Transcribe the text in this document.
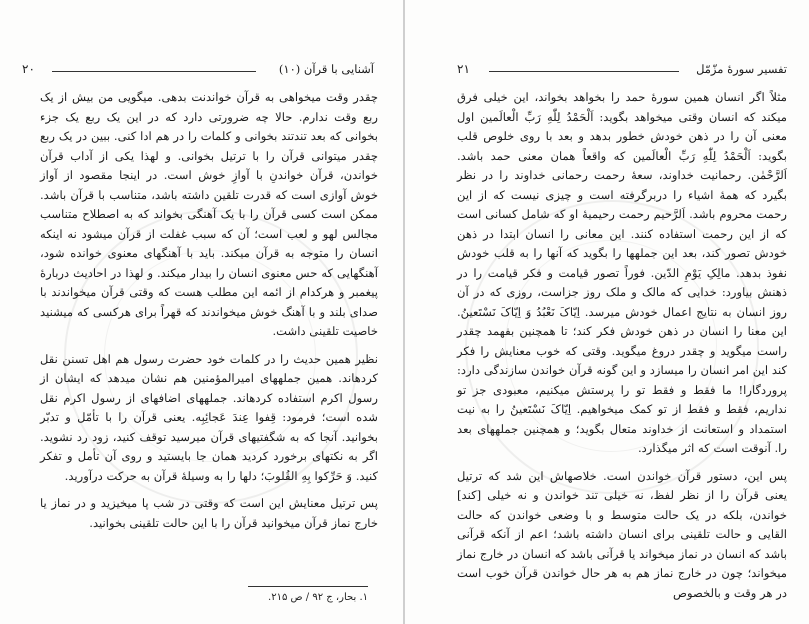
٢٠	آشنایی با قرآن (١٠)

چقدر وقت میخواهی به قرآن خواندنت بدهی. میگویی من بیش از یک ربع وقت ندارم. حالا چه ضرورتی دارد که در این یک ربع یک جزء بخوانی که بعد تندتند بخوانی و کلمات را در هم ادا کنی. ببین در یک ربع چقدر میتوانی قرآن را با ترتیل بخوانی. و لهذا یکی از آداب قرآن خواندن، قرآن خواندنِ با آوازِ خوش است. در اینجا مقصود از آواز خوش آوازی است که قدرت تلقین داشته باشد، متناسب با قرآن باشد. ممکن است کسی قرآن را با یک آهنگی بخواند که به اصطلاح متناسب مجالس لهو و لعب است؛ آن که سبب غفلت از قرآن میشود نه اینکه انسان را متوجه به قرآن میکند. باید با آهنگهای معنوی خوانده شود، آهنگهایی که حس معنوی انسان را بیدار میکند. و لهذا در احادیث دربارهٔ پیغمبر و هرکدام از ائمه این مطلب هست که وقتی قرآن میخواندند با صدای بلند و با آهنگ خوش میخواندند که قهراً برای هرکسی که میشنید خاصیت تلقینی داشت.

نظیر همین حدیث را در کلمات خود حضرت رسول هم اهل تسنن نقل کردهاند. همین جملههای امیرالمؤمنین هم نشان میدهد که ایشان از رسول اکرم استفاده کردهاند. جملههای اضافهای از رسول اکرم نقل شده است؛ فرمود: قِفوا عِندَ عَجائِبِه. یعنی قرآن را با تأمّل و تدبّر بخوانید. آنجا که به شگفتیهای قرآن میرسید توقف کنید، زود رد نشوید. اگر به نکتهای برخورد کردید همان جا بایستید و روی آن تأمل و تفکر کنید. وَ حَرِّکوا بِهِ القُلوبَ؛ دلها را به وسیلهٔ قرآن به حرکت درآورید.

پس ترتیل معنایش این است که وقتی در شب پا میخیزید و در نماز یا خارج نماز قرآن میخوانید قرآن را با این حالت تلقینی بخوانید.

١. بحار، ج ٩٢ / ص ٢١۵.
٢١	تفسیر سورهٔ مزّمّل

مثلاً اگر انسان همین سورهٔ حمد را بخواهد بخواند، این خیلی فرق میکند که انسان وقتی میخواهد بگوید: اَلْحَمْدُ لِلّٰهِ رَبِّ الْعالَمین اول معنی آن را در ذهن خودش خطور بدهد و بعد با روی خلوص قلب بگوید: اَلْحَمْدُ لِلّٰهِ رَبِّ الْعالَمین که واقعاً همان معنی حمد باشد. اَلرَّحْمٰن. رحمانیت خداوند، سعهٔ رحمت رحمانی خداوند را در نظر بگیرد که همهٔ اشیاء را دربرگرفته است و چیزی نیست که از این رحمت محروم باشد. اَلرَّحیم رحمت رحیمیهٔ او که شامل کسانی است که از این رحمت استفاده کنند. این معانی را انسان ابتدا در ذهن خودش تصور کند، بعد این جملهها را بگوید که آنها را به قلب خودش نفوذ بدهد. مالِکِ یَوْمِ الدّین. فوراً تصور قیامت و فکر قیامت را در ذهنش بیاورد: خدایی که مالک و ملک روز جزاست، روزی که در آن روز انسان به نتایج اعمال خودش میرسد. اِیّاکَ نَعْبُدُ وَ اِیّاکَ نَسْتَعینُ. این معنا را انسان در ذهن خودش فکر کند؛ تا همچنین بفهمد چقدر راست میگوید و چقدر دروغ میگوید. وقتی که خوب معنایش را فکر کند این امر انسان را میسازد و این گونه قرآن خواندن سازندگی دارد: پروردگارا! ما فقط و فقط تو را پرستش میکنیم، معبودی جز تو نداریم، فقط و فقط از تو کمک میخواهیم. اِیّاکَ نَسْتَعینُ را به نیت استمداد و استعانت از خداوند متعال بگوید؛ و همچنین جملههای بعد را. آنوقت است که اثر میگذارد.

پس این، دستور قرآن خواندن است. خلاصهاش این شد که ترتیل یعنی قرآن را از نظر لفظ، نه خیلی تند خواندن و نه خیلی [کند] خواندن، بلکه در یک حالت متوسط و با وضعی خواندن که حالت القایی و حالت تلقینی برای انسان داشته باشد؛ اعم از آنکه قرآنی باشد که انسان در نماز میخواند یا قرآنی باشد که انسان در خارج نماز میخواند؛ چون در خارج نماز هم به هر حال خواندن قرآن خوب است در هر وقت و بالخصوص
